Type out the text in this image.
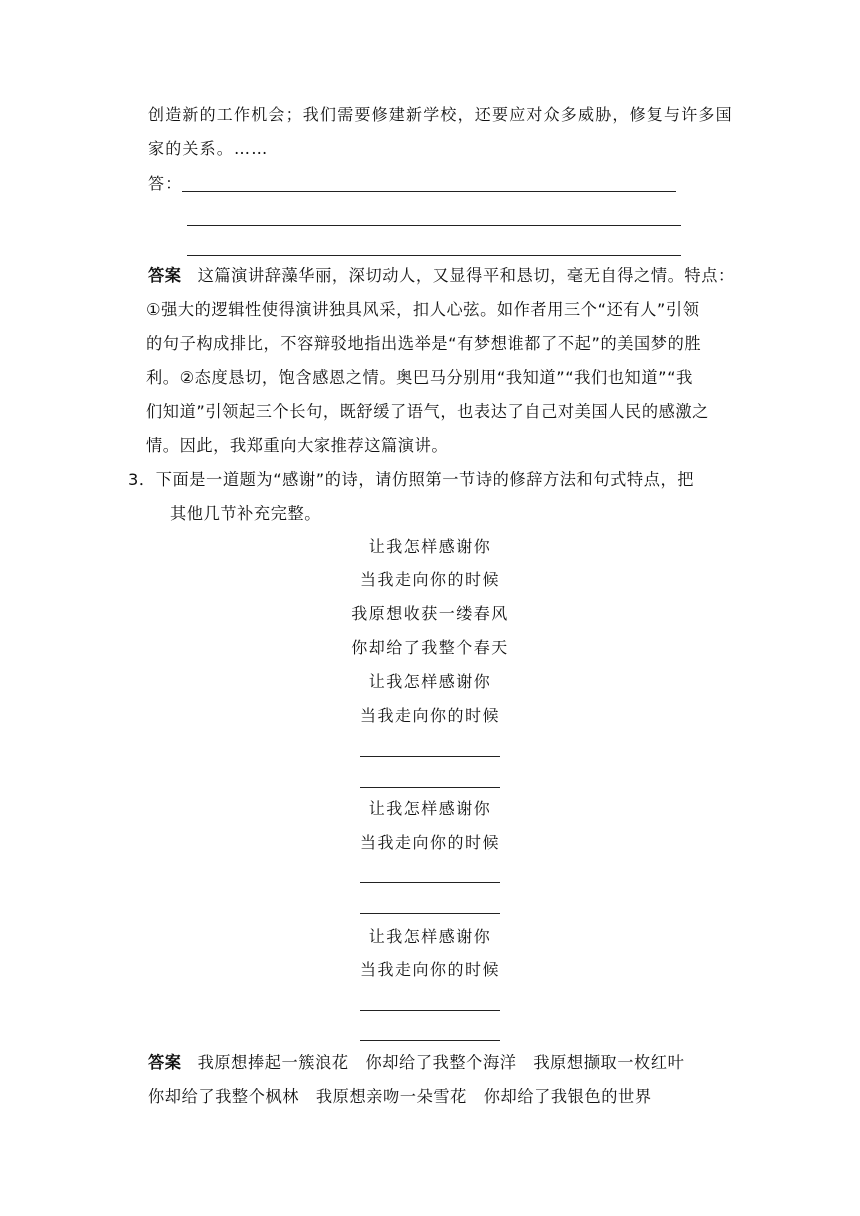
创造新的工作机会；我们需要修建新学校，还要应对众多威胁，修复与许多国
家的关系。……
答：
答案 这篇演讲辞藻华丽，深切动人，又显得平和恳切，毫无自得之情。特点：
①强大的逻辑性使得演讲独具风采，扣人心弦。如作者用三个“还有人”引领
的句子构成排比，不容辩驳地指出选举是“有梦想谁都了不起”的美国梦的胜
利。②态度恳切，饱含感恩之情。奥巴马分别用“我知道”“我们也知道”“我
们知道”引领起三个长句，既舒缓了语气，也表达了自己对美国人民的感激之
情。因此，我郑重向大家推荐这篇演讲。
3．下面是一道题为“感谢”的诗，请仿照第一节诗的修辞方法和句式特点，把
其他几节补充完整。
让我怎样感谢你
当我走向你的时候
我原想收获一缕春风
你却给了我整个春天
让我怎样感谢你
当我走向你的时候
让我怎样感谢你
当我走向你的时候
让我怎样感谢你
当我走向你的时候
答案 我原想捧起一簇浪花　你却给了我整个海洋　我原想撷取一枚红叶
你却给了我整个枫林　我原想亲吻一朵雪花　你却给了我银色的世界
